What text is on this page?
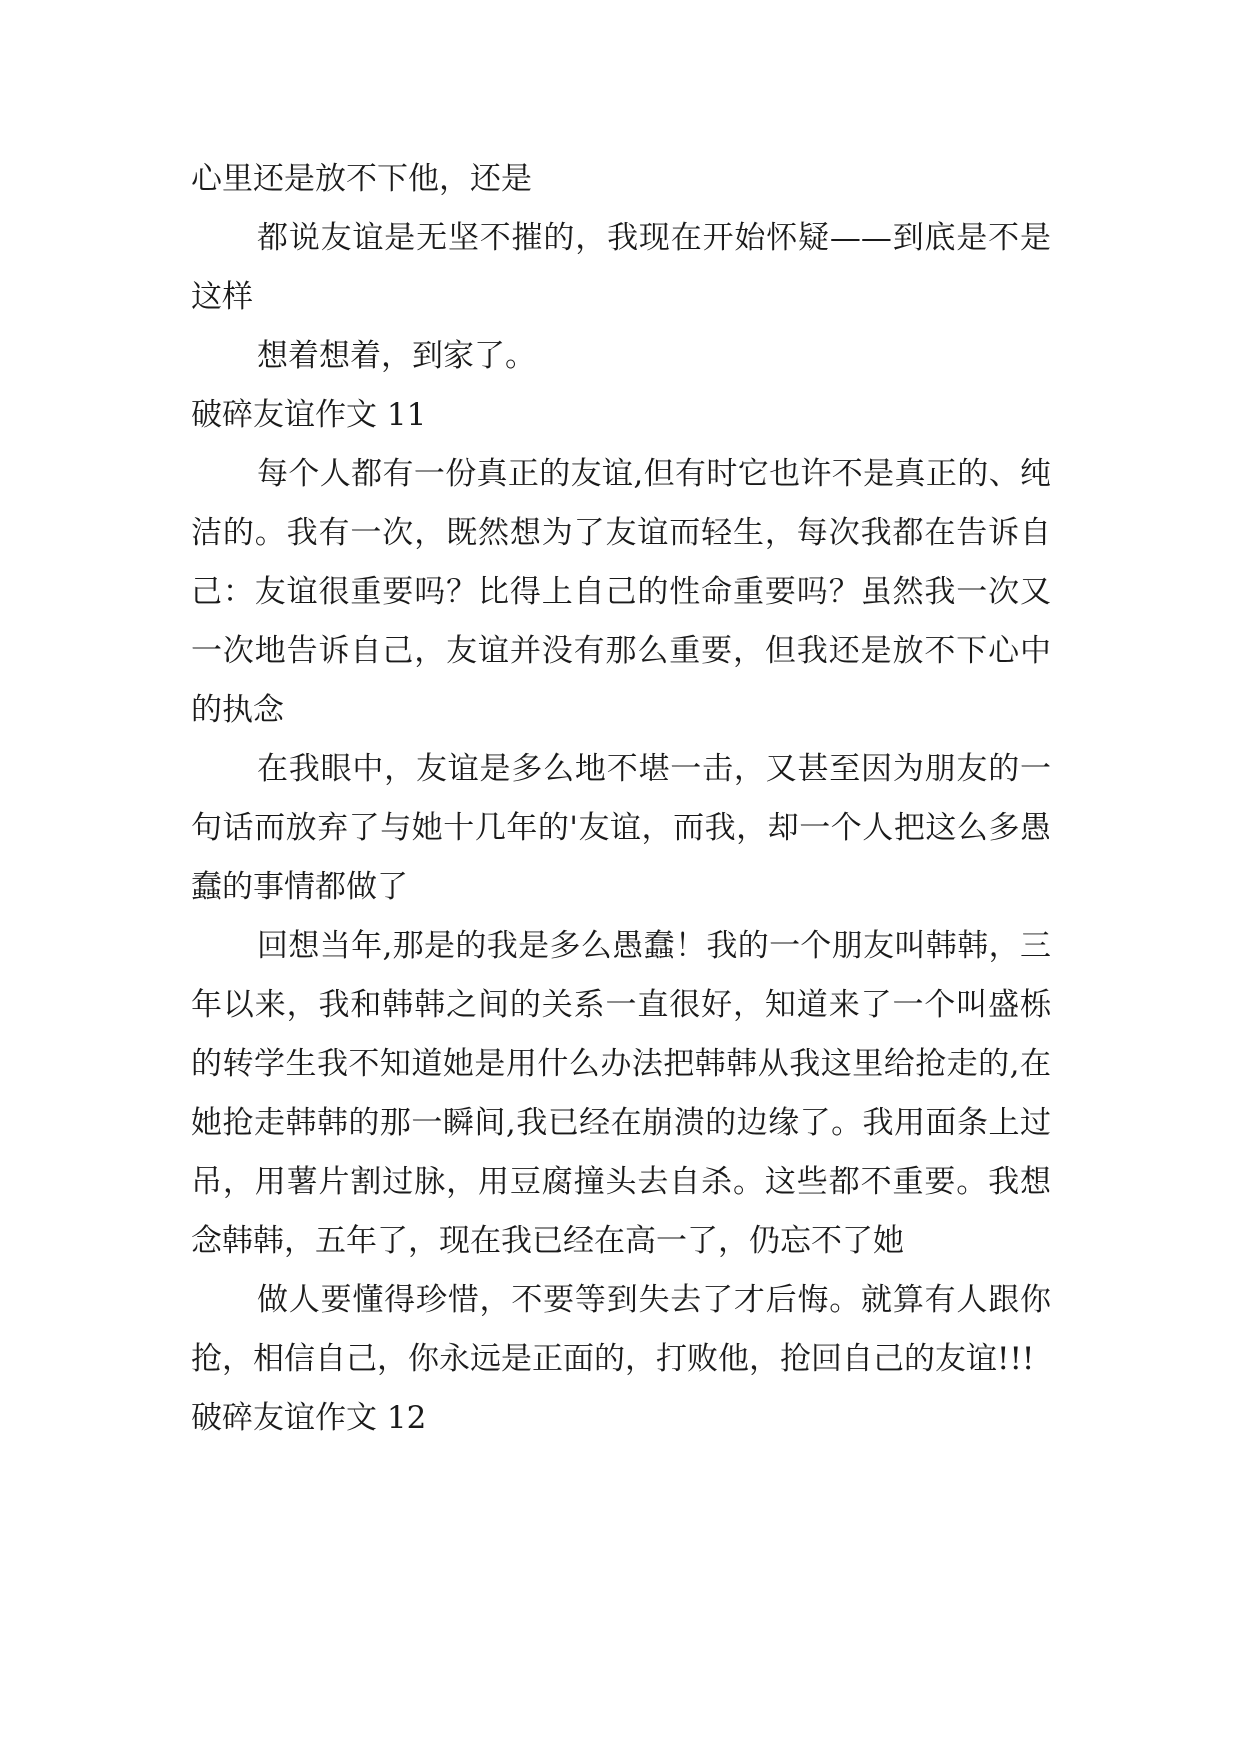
心里还是放不下他，还是

都说友谊是无坚不摧的，我现在开始怀疑——到底是不是这样

想着想着，到家了。

破碎友谊作文 11

每个人都有一份真正的友谊,但有时它也许不是真正的、纯洁的。我有一次，既然想为了友谊而轻生，每次我都在告诉自己：友谊很重要吗？比得上自己的性命重要吗？虽然我一次又一次地告诉自己，友谊并没有那么重要，但我还是放不下心中的执念

在我眼中，友谊是多么地不堪一击，又甚至因为朋友的一句话而放弃了与她十几年的'友谊，而我，却一个人把这么多愚蠢的事情都做了

回想当年,那是的我是多么愚蠢！我的一个朋友叫韩韩，三年以来，我和韩韩之间的关系一直很好，知道来了一个叫盛栎的转学生我不知道她是用什么办法把韩韩从我这里给抢走的,在她抢走韩韩的那一瞬间,我已经在崩溃的边缘了。我用面条上过吊，用薯片割过脉，用豆腐撞头去自杀。这些都不重要。我想念韩韩，五年了，现在我已经在高一了，仍忘不了她

做人要懂得珍惜，不要等到失去了才后悔。就算有人跟你抢，相信自己，你永远是正面的，打败他，抢回自己的友谊!!!

破碎友谊作文 12
